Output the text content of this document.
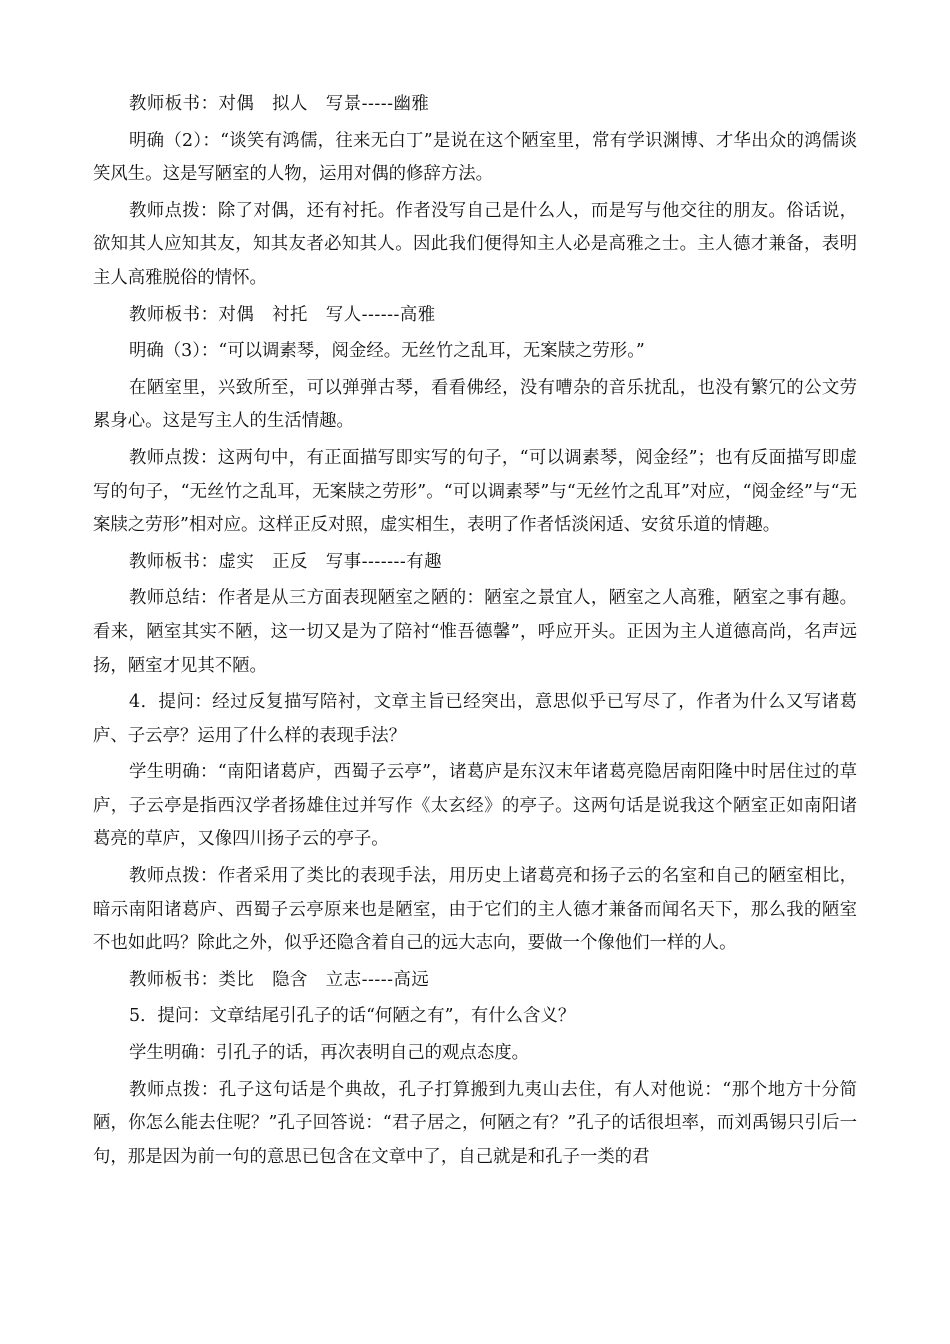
教师板书：对偶　拟人　写景-----幽雅

明确（2）：“谈笑有鸿儒，往来无白丁”是说在这个陋室里，常有学识渊博、才华出众的鸿儒谈笑风生。这是写陋室的人物，运用对偶的修辞方法。

教师点拨：除了对偶，还有衬托。作者没写自己是什么人，而是写与他交往的朋友。俗话说，欲知其人应知其友，知其友者必知其人。因此我们便得知主人必是高雅之士。主人德才兼备，表明主人高雅脱俗的情怀。

教师板书：对偶　衬托　写人------高雅

明确（3）：“可以调素琴，阅金经。无丝竹之乱耳，无案牍之劳形。”

在陋室里，兴致所至，可以弹弹古琴，看看佛经，没有嘈杂的音乐扰乱，也没有繁冗的公文劳累身心。这是写主人的生活情趣。

教师点拨：这两句中，有正面描写即实写的句子，“可以调素琴，阅金经”；也有反面描写即虚写的句子，“无丝竹之乱耳，无案牍之劳形”。“可以调素琴”与“无丝竹之乱耳”对应，“阅金经”与“无案牍之劳形”相对应。这样正反对照，虚实相生，表明了作者恬淡闲适、安贫乐道的情趣。

教师板书：虚实　正反　写事-------有趣

教师总结：作者是从三方面表现陋室之陋的：陋室之景宜人，陋室之人高雅，陋室之事有趣。看来，陋室其实不陋，这一切又是为了陪衬“惟吾德馨”，呼应开头。正因为主人道德高尚，名声远扬，陋室才见其不陋。

4．提问：经过反复描写陪衬，文章主旨已经突出，意思似乎已写尽了，作者为什么又写诸葛庐、子云亭？运用了什么样的表现手法？

学生明确：“南阳诸葛庐，西蜀子云亭”，诸葛庐是东汉末年诸葛亮隐居南阳隆中时居住过的草庐，子云亭是指西汉学者扬雄住过并写作《太玄经》的亭子。这两句话是说我这个陋室正如南阳诸葛亮的草庐，又像四川扬子云的亭子。

教师点拨：作者采用了类比的表现手法，用历史上诸葛亮和扬子云的名室和自己的陋室相比，暗示南阳诸葛庐、西蜀子云亭原来也是陋室，由于它们的主人德才兼备而闻名天下，那么我的陋室不也如此吗？除此之外，似乎还隐含着自己的远大志向，要做一个像他们一样的人。

教师板书：类比　隐含　立志-----高远

5．提问：文章结尾引孔子的话“何陋之有”，有什么含义？

学生明确：引孔子的话，再次表明自己的观点态度。

教师点拨：孔子这句话是个典故，孔子打算搬到九夷山去住，有人对他说：“那个地方十分简陋，你怎么能去住呢？”孔子回答说：“君子居之，何陋之有？”孔子的话很坦率，而刘禹锡只引后一句，那是因为前一句的意思已包含在文章中了，自己就是和孔子一类的君
